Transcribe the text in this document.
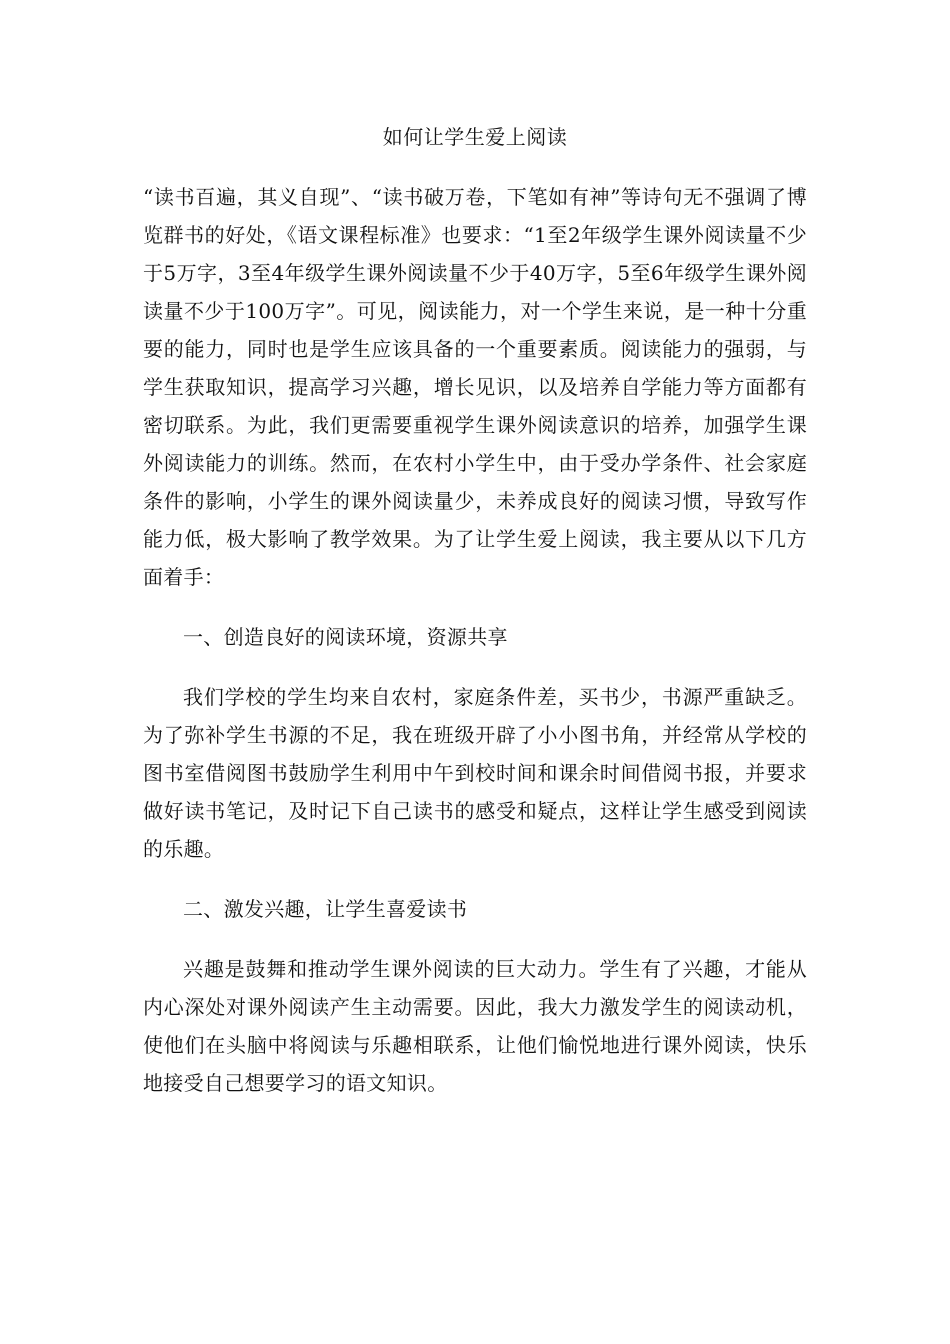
如何让学生爱上阅读

“读书百遍，其义自现”、“读书破万卷，下笔如有神”等诗句无不强调了博览群书的好处，《语文课程标准》也要求：“1至2年级学生课外阅读量不少于5万字，3至4年级学生课外阅读量不少于40万字，5至6年级学生课外阅读量不少于100万字”。可见，阅读能力，对一个学生来说，是一种十分重要的能力，同时也是学生应该具备的一个重要素质。阅读能力的强弱，与学生获取知识，提高学习兴趣，增长见识，以及培养自学能力等方面都有密切联系。为此，我们更需要重视学生课外阅读意识的培养，加强学生课外阅读能力的训练。然而，在农村小学生中，由于受办学条件、社会家庭条件的影响，小学生的课外阅读量少，未养成良好的阅读习惯，导致写作能力低，极大影响了教学效果。为了让学生爱上阅读，我主要从以下几方面着手：

一、创造良好的阅读环境，资源共享

我们学校的学生均来自农村，家庭条件差，买书少，书源严重缺乏。为了弥补学生书源的不足，我在班级开辟了小小图书角，并经常从学校的图书室借阅图书鼓励学生利用中午到校时间和课余时间借阅书报，并要求做好读书笔记，及时记下自己读书的感受和疑点，这样让学生感受到阅读的乐趣。

二、激发兴趣，让学生喜爱读书

兴趣是鼓舞和推动学生课外阅读的巨大动力。学生有了兴趣，才能从内心深处对课外阅读产生主动需要。因此，我大力激发学生的阅读动机，使他们在头脑中将阅读与乐趣相联系，让他们愉悦地进行课外阅读，快乐地接受自己想要学习的语文知识。
